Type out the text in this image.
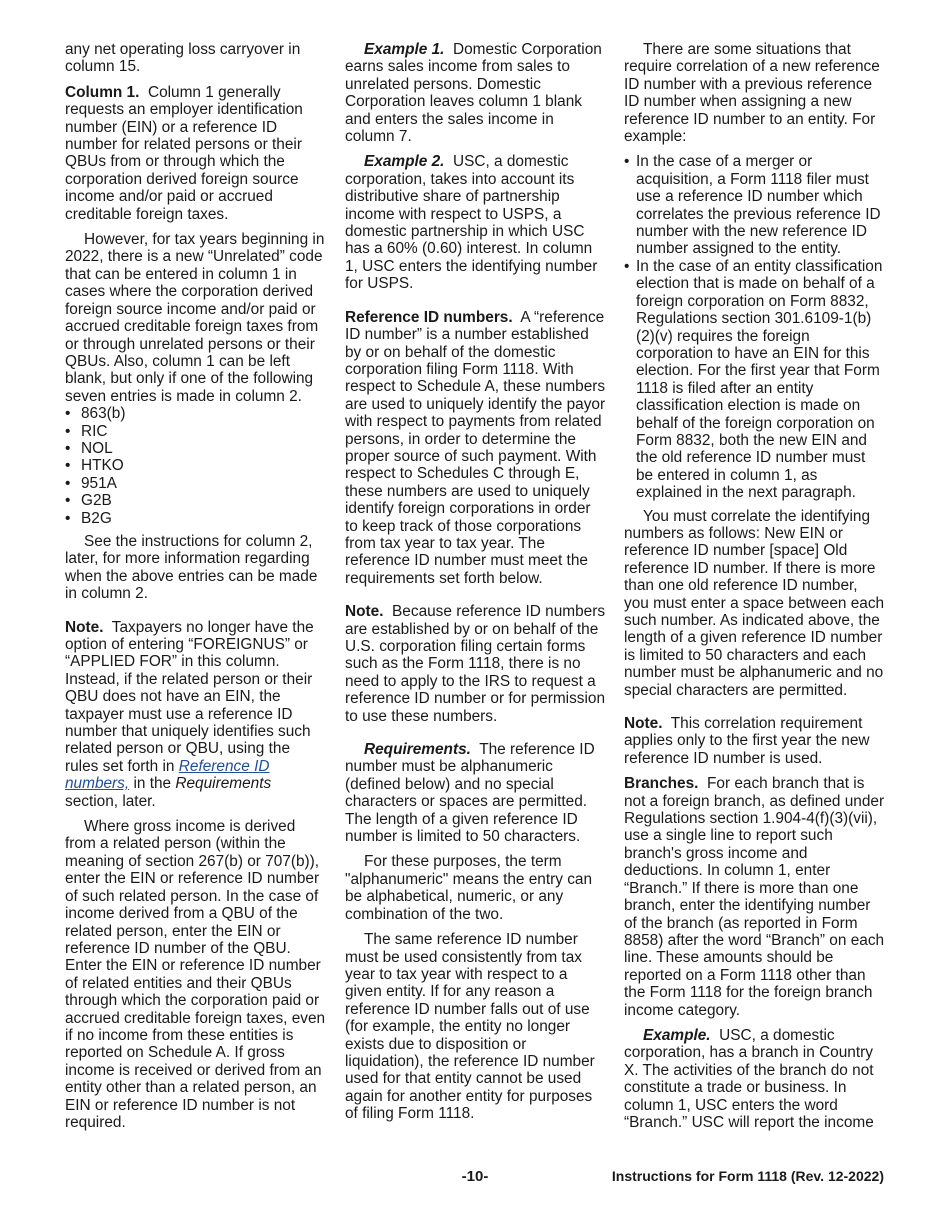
any net operating loss carryover in column 15.

Column 1. Column 1 generally requests an employer identification number (EIN) or a reference ID number for related persons or their QBUs from or through which the corporation derived foreign source income and/or paid or accrued creditable foreign taxes.

However, for tax years beginning in 2022, there is a new “Unrelated” code that can be entered in column 1 in cases where the corporation derived foreign source income and/or paid or accrued creditable foreign taxes from or through unrelated persons or their QBUs. Also, column 1 can be left blank, but only if one of the following seven entries is made in column 2.

• 863(b)
• RIC
• NOL
• HTKO
• 951A
• G2B
• B2G

See the instructions for column 2, later, for more information regarding when the above entries can be made in column 2.

Note. Taxpayers no longer have the option of entering “FOREIGNUS” or “APPLIED FOR” in this column. Instead, if the related person or their QBU does not have an EIN, the taxpayer must use a reference ID number that uniquely identifies such related person or QBU, using the rules set forth in Reference ID numbers, in the Requirements section, later.

Where gross income is derived from a related person (within the meaning of section 267(b) or 707(b)), enter the EIN or reference ID number of such related person. In the case of income derived from a QBU of the related person, enter the EIN or reference ID number of the QBU. Enter the EIN or reference ID number of related entities and their QBUs through which the corporation paid or accrued creditable foreign taxes, even if no income from these entities is reported on Schedule A. If gross income is received or derived from an entity other than a related person, an EIN or reference ID number is not required.

Example 1. Domestic Corporation earns sales income from sales to unrelated persons. Domestic Corporation leaves column 1 blank and enters the sales income in column 7.

Example 2. USC, a domestic corporation, takes into account its distributive share of partnership income with respect to USPS, a domestic partnership in which USC has a 60% (0.60) interest. In column 1, USC enters the identifying number for USPS.

Reference ID numbers. A “reference ID number” is a number established by or on behalf of the domestic corporation filing Form 1118. With respect to Schedule A, these numbers are used to uniquely identify the payor with respect to payments from related persons, in order to determine the proper source of such payment. With respect to Schedules C through E, these numbers are used to uniquely identify foreign corporations in order to keep track of those corporations from tax year to tax year. The reference ID number must meet the requirements set forth below.

Note. Because reference ID numbers are established by or on behalf of the U.S. corporation filing certain forms such as the Form 1118, there is no need to apply to the IRS to request a reference ID number or for permission to use these numbers.

Requirements. The reference ID number must be alphanumeric (defined below) and no special characters or spaces are permitted. The length of a given reference ID number is limited to 50 characters.

For these purposes, the term "alphanumeric" means the entry can be alphabetical, numeric, or any combination of the two.

The same reference ID number must be used consistently from tax year to tax year with respect to a given entity. If for any reason a reference ID number falls out of use (for example, the entity no longer exists due to disposition or liquidation), the reference ID number used for that entity cannot be used again for another entity for purposes of filing Form 1118.

There are some situations that require correlation of a new reference ID number with a previous reference ID number when assigning a new reference ID number to an entity. For example:

• In the case of a merger or acquisition, a Form 1118 filer must use a reference ID number which correlates the previous reference ID number with the new reference ID number assigned to the entity.
• In the case of an entity classification election that is made on behalf of a foreign corporation on Form 8832, Regulations section 301.6109-1(b)(2)(v) requires the foreign corporation to have an EIN for this election. For the first year that Form 1118 is filed after an entity classification election is made on behalf of the foreign corporation on Form 8832, both the new EIN and the old reference ID number must be entered in column 1, as explained in the next paragraph.

You must correlate the identifying numbers as follows: New EIN or reference ID number [space] Old reference ID number. If there is more than one old reference ID number, you must enter a space between each such number. As indicated above, the length of a given reference ID number is limited to 50 characters and each number must be alphanumeric and no special characters are permitted.

Note. This correlation requirement applies only to the first year the new reference ID number is used.

Branches. For each branch that is not a foreign branch, as defined under Regulations section 1.904-4(f)(3)(vii), use a single line to report such branch's gross income and deductions. In column 1, enter “Branch.” If there is more than one branch, enter the identifying number of the branch (as reported in Form 8858) after the word “Branch” on each line. These amounts should be reported on a Form 1118 other than the Form 1118 for the foreign branch income category.

Example. USC, a domestic corporation, has a branch in Country X. The activities of the branch do not constitute a trade or business. In column 1, USC enters the word “Branch.” USC will report the income

-10-	Instructions for Form 1118 (Rev. 12-2022)
